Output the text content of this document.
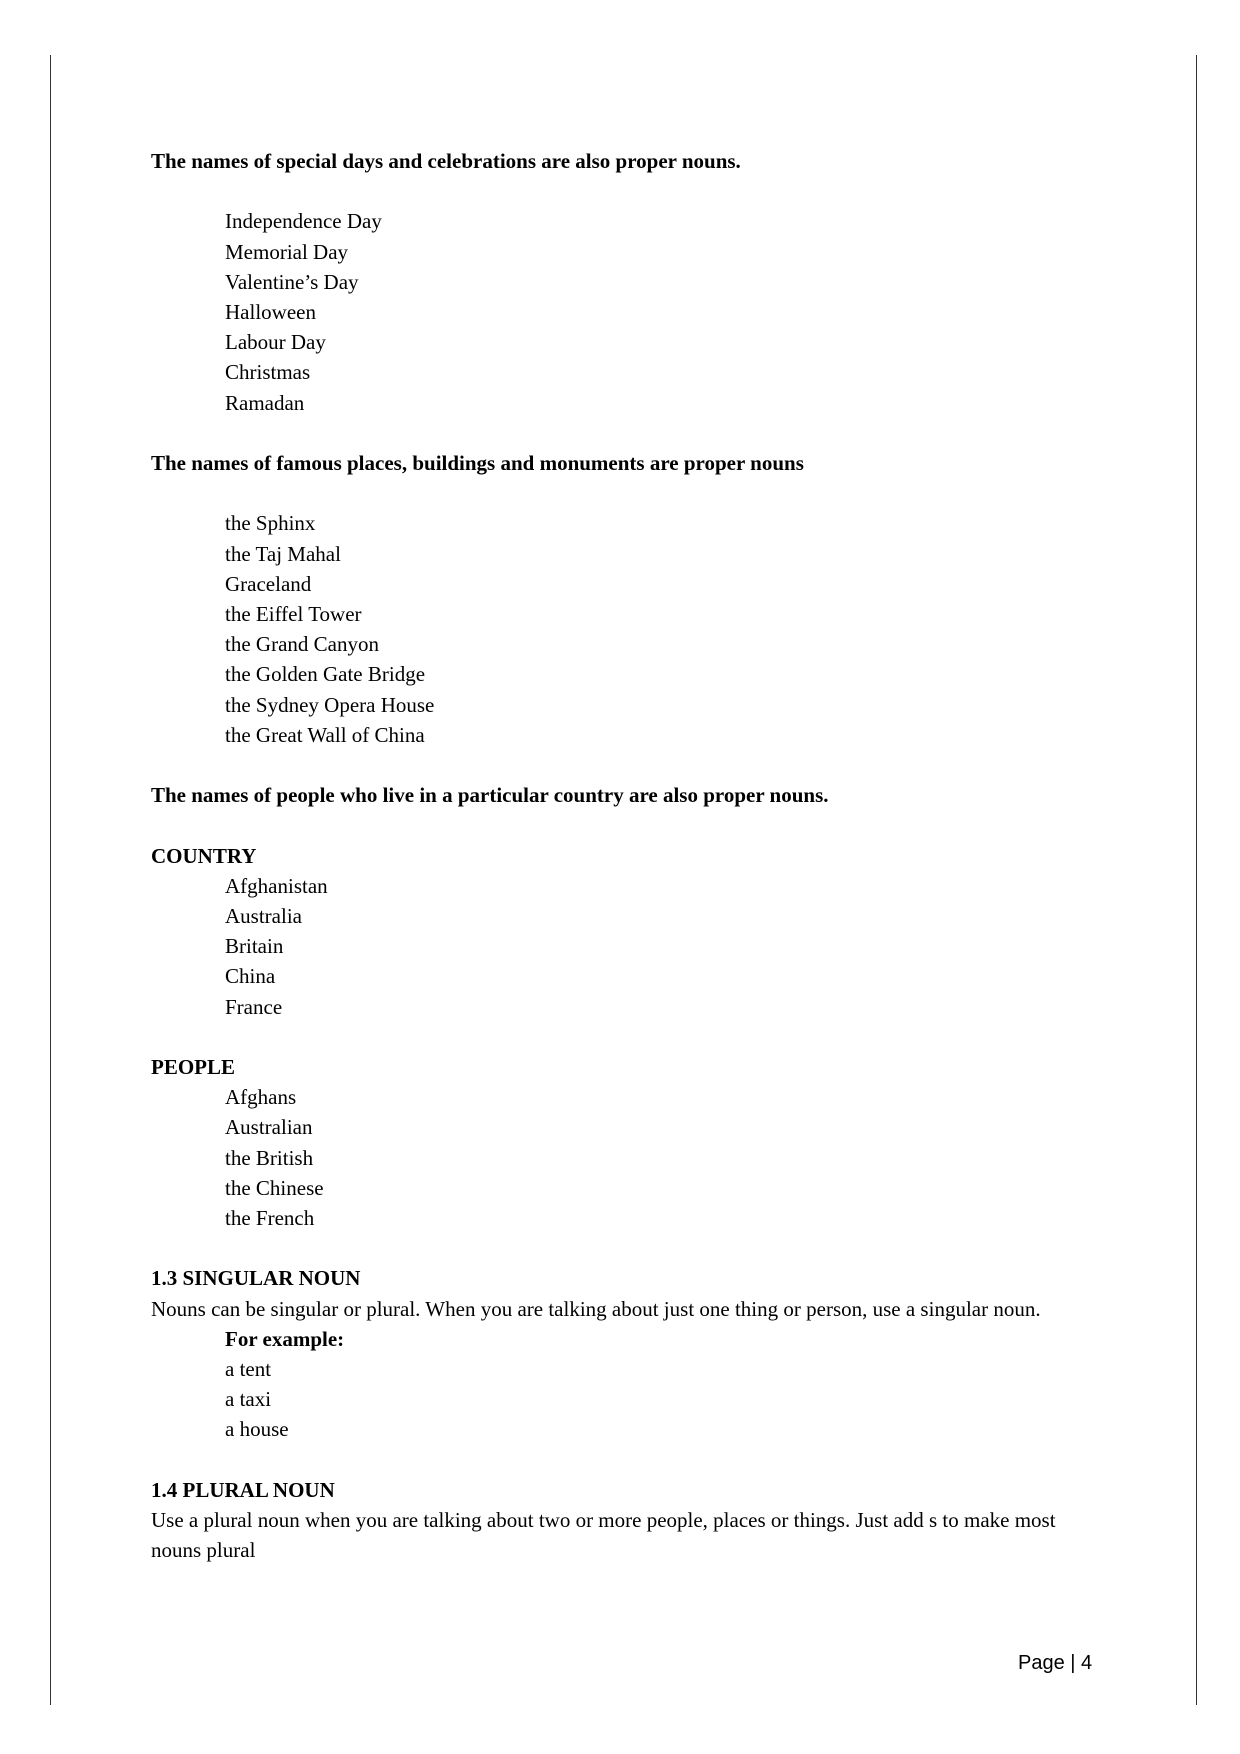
The names of special days and celebrations are also proper nouns.

Independence Day
Memorial Day
Valentine’s Day
Halloween
Labour Day
Christmas
Ramadan

The names of famous places, buildings and monuments are proper nouns

the Sphinx
the Taj Mahal
Graceland
the Eiffel Tower
the Grand Canyon
the Golden Gate Bridge
the Sydney Opera House
the Great Wall of China

The names of people who live in a particular country are also proper nouns.

COUNTRY

Afghanistan
Australia
Britain
China
France

PEOPLE

Afghans
Australian
the British
the Chinese
the French

1.3 SINGULAR NOUN

Nouns can be singular or plural. When you are talking about just one thing or person, use a singular noun.

For example:
a tent
a taxi
a house

1.4 PLURAL NOUN

Use a plural noun when you are talking about two or more people, places or things. Just add s to make most nouns plural

Page | 4
